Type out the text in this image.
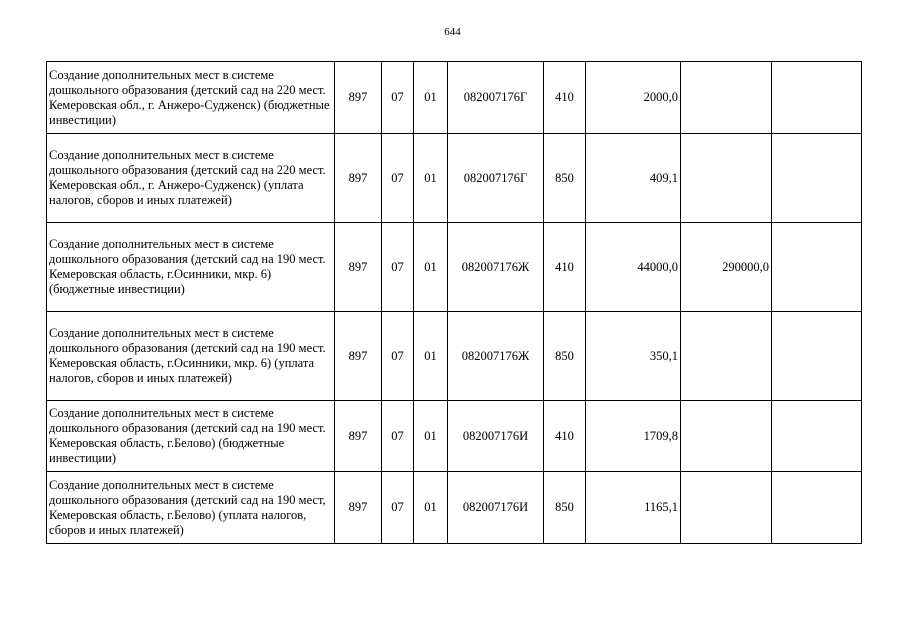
644
Создание дополнительных мест в системе дошкольного образования (детский сад на 220 мест. Кемеровская обл., г. Анжеро-Судженск) (бюджетные инвестиции)	897	07	01	082007176Г	410	2000,0		
Создание дополнительных мест в системе дошкольного образования (детский сад на 220 мест. Кемеровская обл., г. Анжеро-Судженск) (уплата налогов, сборов и иных платежей)	897	07	01	082007176Г	850	409,1		
Создание дополнительных мест в системе дошкольного образования (детский сад на 190 мест. Кемеровская область, г.Осинники, мкр. 6) (бюджетные инвестиции)	897	07	01	082007176Ж	410	44000,0	290000,0	
Создание дополнительных мест в системе дошкольного образования (детский сад на 190 мест. Кемеровская область, г.Осинники, мкр. 6) (уплата налогов, сборов и иных платежей)	897	07	01	082007176Ж	850	350,1		
Создание дополнительных мест в системе дошкольного образования (детский сад на 190 мест. Кемеровская область, г.Белово) (бюджетные инвестиции)	897	07	01	082007176И	410	1709,8		
Создание дополнительных мест в системе дошкольного образования (детский сад на 190 мест, Кемеровская область, г.Белово) (уплата налогов, сборов и иных платежей)	897	07	01	082007176И	850	1165,1		
